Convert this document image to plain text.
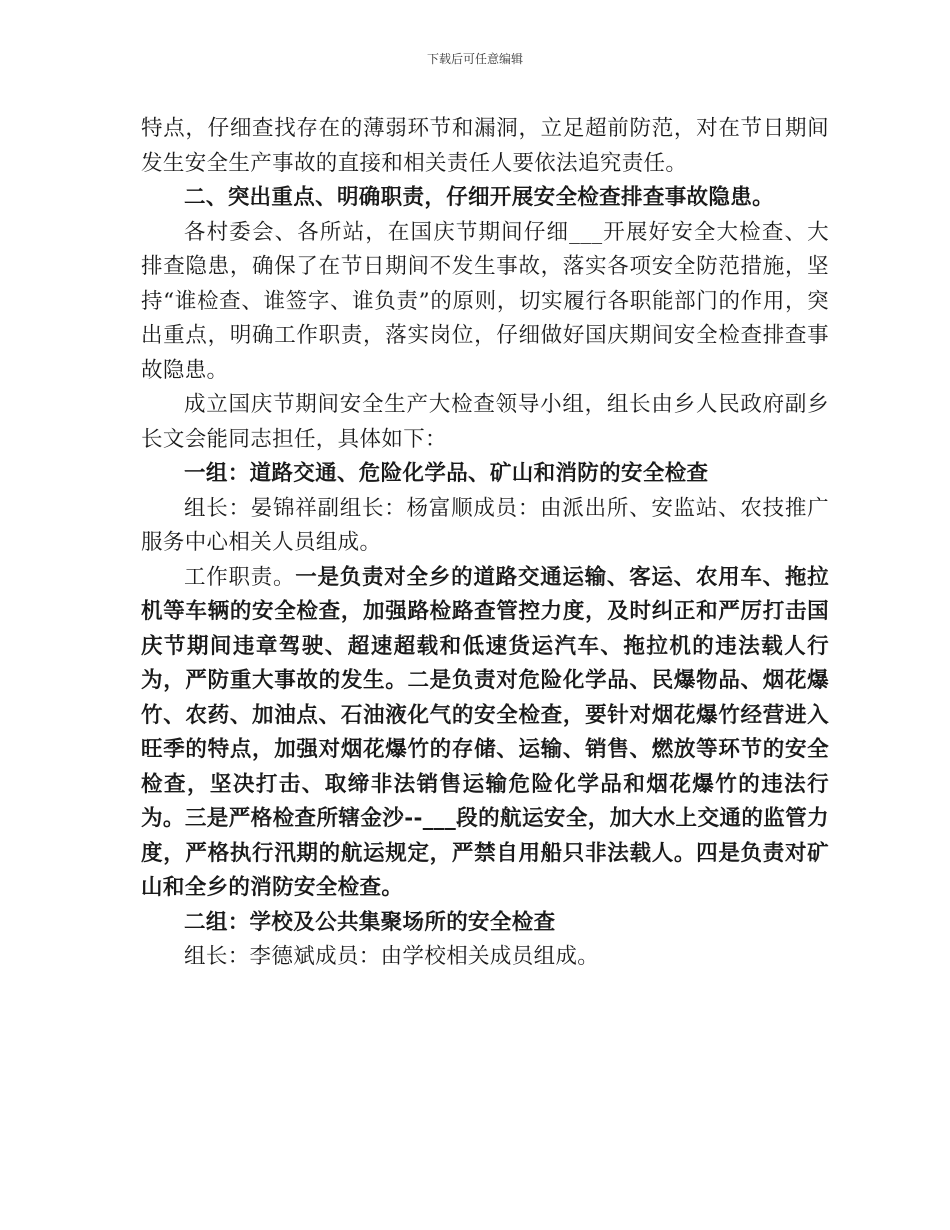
下载后可任意编辑

特点，仔细查找存在的薄弱环节和漏洞，立足超前防范，对在节日期间发生安全生产事故的直接和相关责任人要依法追究责任。

二、突出重点、明确职责，仔细开展安全检查排查事故隐患。

各村委会、各所站，在国庆节期间仔细___开展好安全大检查、大排查隐患，确保了在节日期间不发生事故，落实各项安全防范措施，坚持“谁检查、谁签字、谁负责”的原则，切实履行各职能部门的作用，突出重点，明确工作职责，落实岗位，仔细做好国庆期间安全检查排查事故隐患。

成立国庆节期间安全生产大检查领导小组，组长由乡人民政府副乡长文会能同志担任，具体如下：

一组：道路交通、危险化学品、矿山和消防的安全检查

组长：晏锦祥副组长：杨富顺成员：由派出所、安监站、农技推广服务中心相关人员组成。

工作职责。一是负责对全乡的道路交通运输、客运、农用车、拖拉机等车辆的安全检查，加强路检路查管控力度，及时纠正和严厉打击国庆节期间违章驾驶、超速超载和低速货运汽车、拖拉机的违法载人行为，严防重大事故的发生。二是负责对危险化学品、民爆物品、烟花爆竹、农药、加油点、石油液化气的安全检查，要针对烟花爆竹经营进入旺季的特点，加强对烟花爆竹的存储、运输、销售、燃放等环节的安全检查，坚决打击、取缔非法销售运输危险化学品和烟花爆竹的违法行为。三是严格检查所辖金沙--___段的航运安全，加大水上交通的监管力度，严格执行汛期的航运规定，严禁自用船只非法载人。四是负责对矿山和全乡的消防安全检查。

二组：学校及公共集聚场所的安全检查

组长：李德斌成员：由学校相关成员组成。
